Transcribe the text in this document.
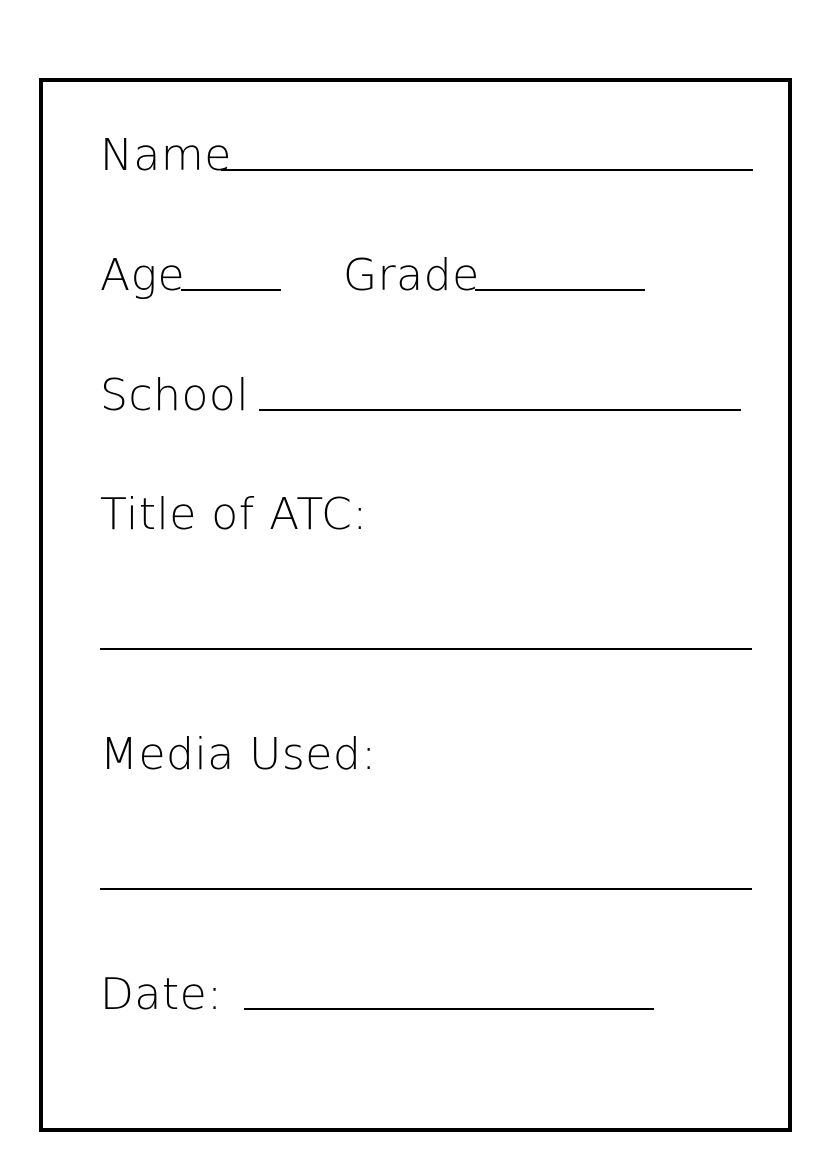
Name
Age	Grade
School
Title of ATC:
Media Used:
Date:
